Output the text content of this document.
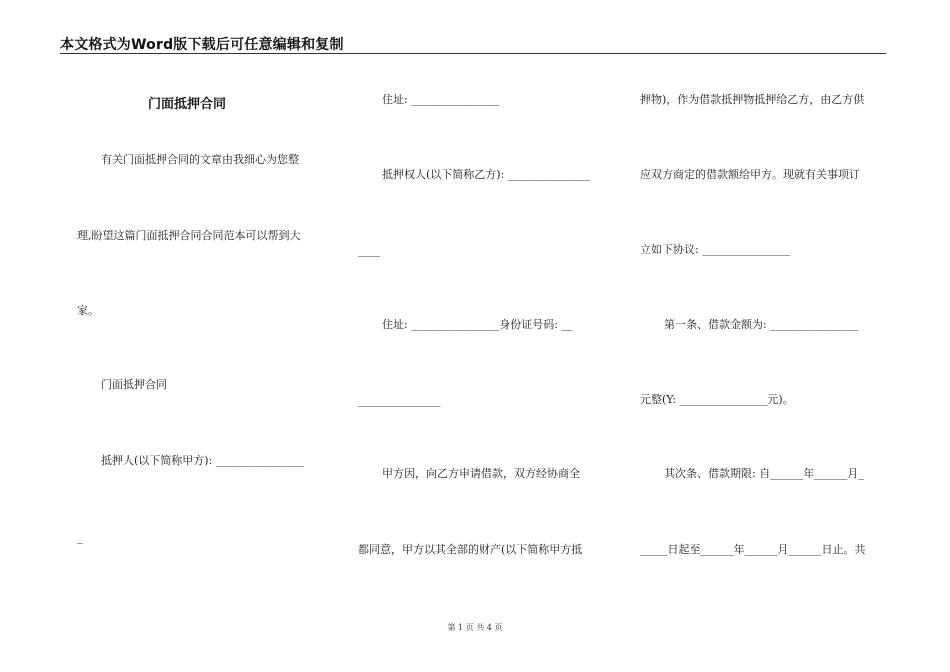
本文格式为Word版下载后可任意编辑和复制
门面抵押合同
有关门面抵押合同的文章由我细心为您整
理,盼望这篇门面抵押合同合同范本可以帮到大
家。
门面抵押合同
抵押人(以下简称甲方): ________________
_
住址: ________________
抵押权人(以下简称乙方): _______________
____
住址: ________________身份证号码: __
_______________
甲方因，向乙方申请借款，双方经协商全
都同意，甲方以其全部的财产(以下简称甲方抵
押物)，作为借款抵押物抵押给乙方，由乙方供
应双方商定的借款额给甲方。现就有关事项订
立如下协议: ________________
第一条、借款金额为: ________________
元整(Y: ________________元)。
其次条、借款期限: 自______年______月_
_____日起至______年______月______日止。共
第 1 页 共 4 页
